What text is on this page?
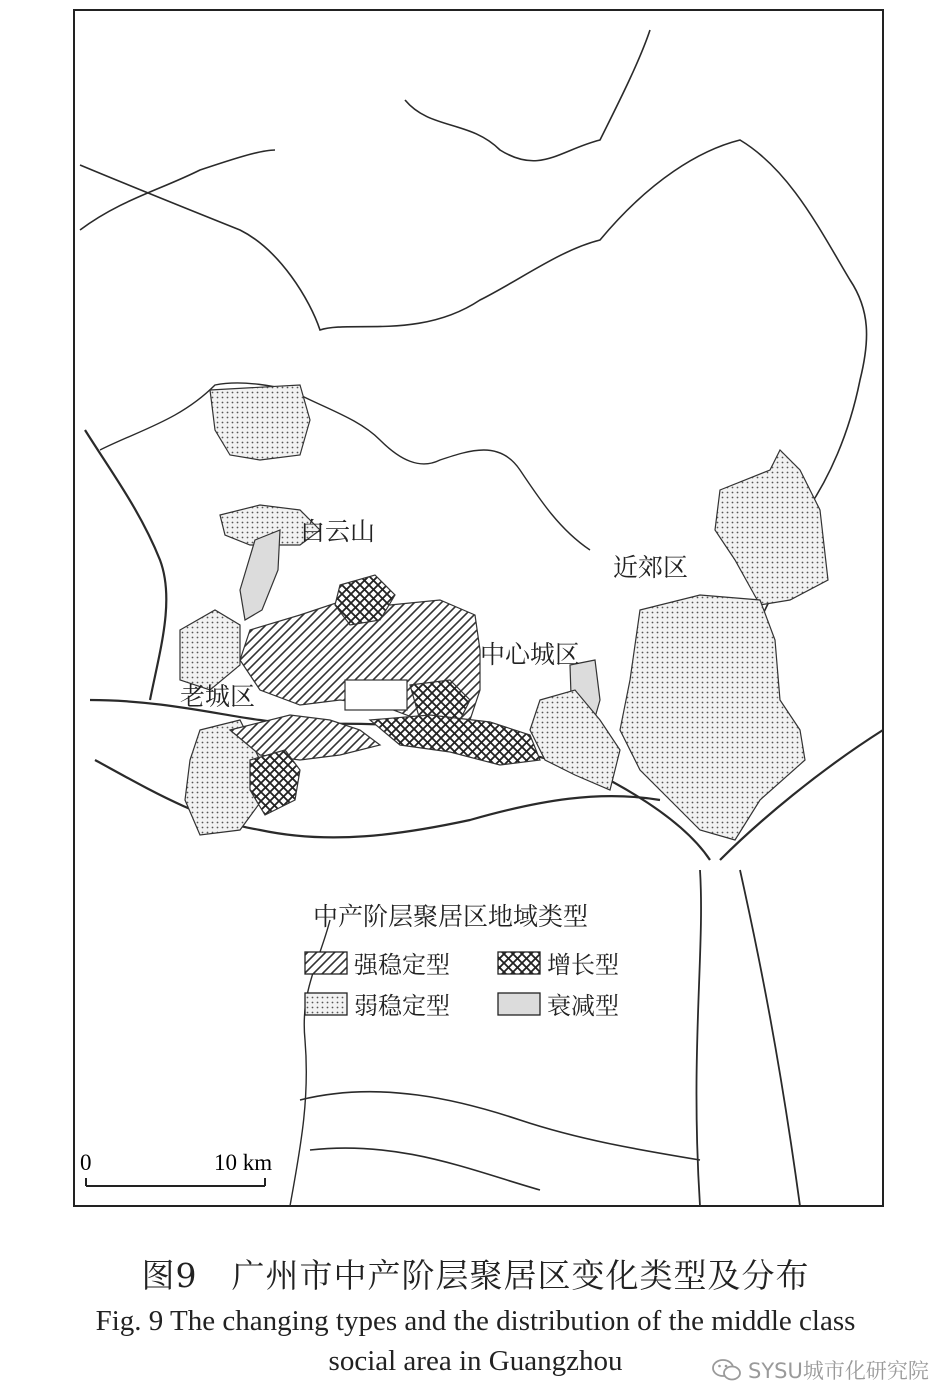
白云山
近郊区
中心城区
老城区
中产阶层聚居区地域类型
强稳定型	增长型
弱稳定型	衰减型
0	10 km
图9　广州市中产阶层聚居区变化类型及分布
Fig. 9 The changing types and the distribution of the middle class
social area in Guangzhou	SYSU城市化研究院
